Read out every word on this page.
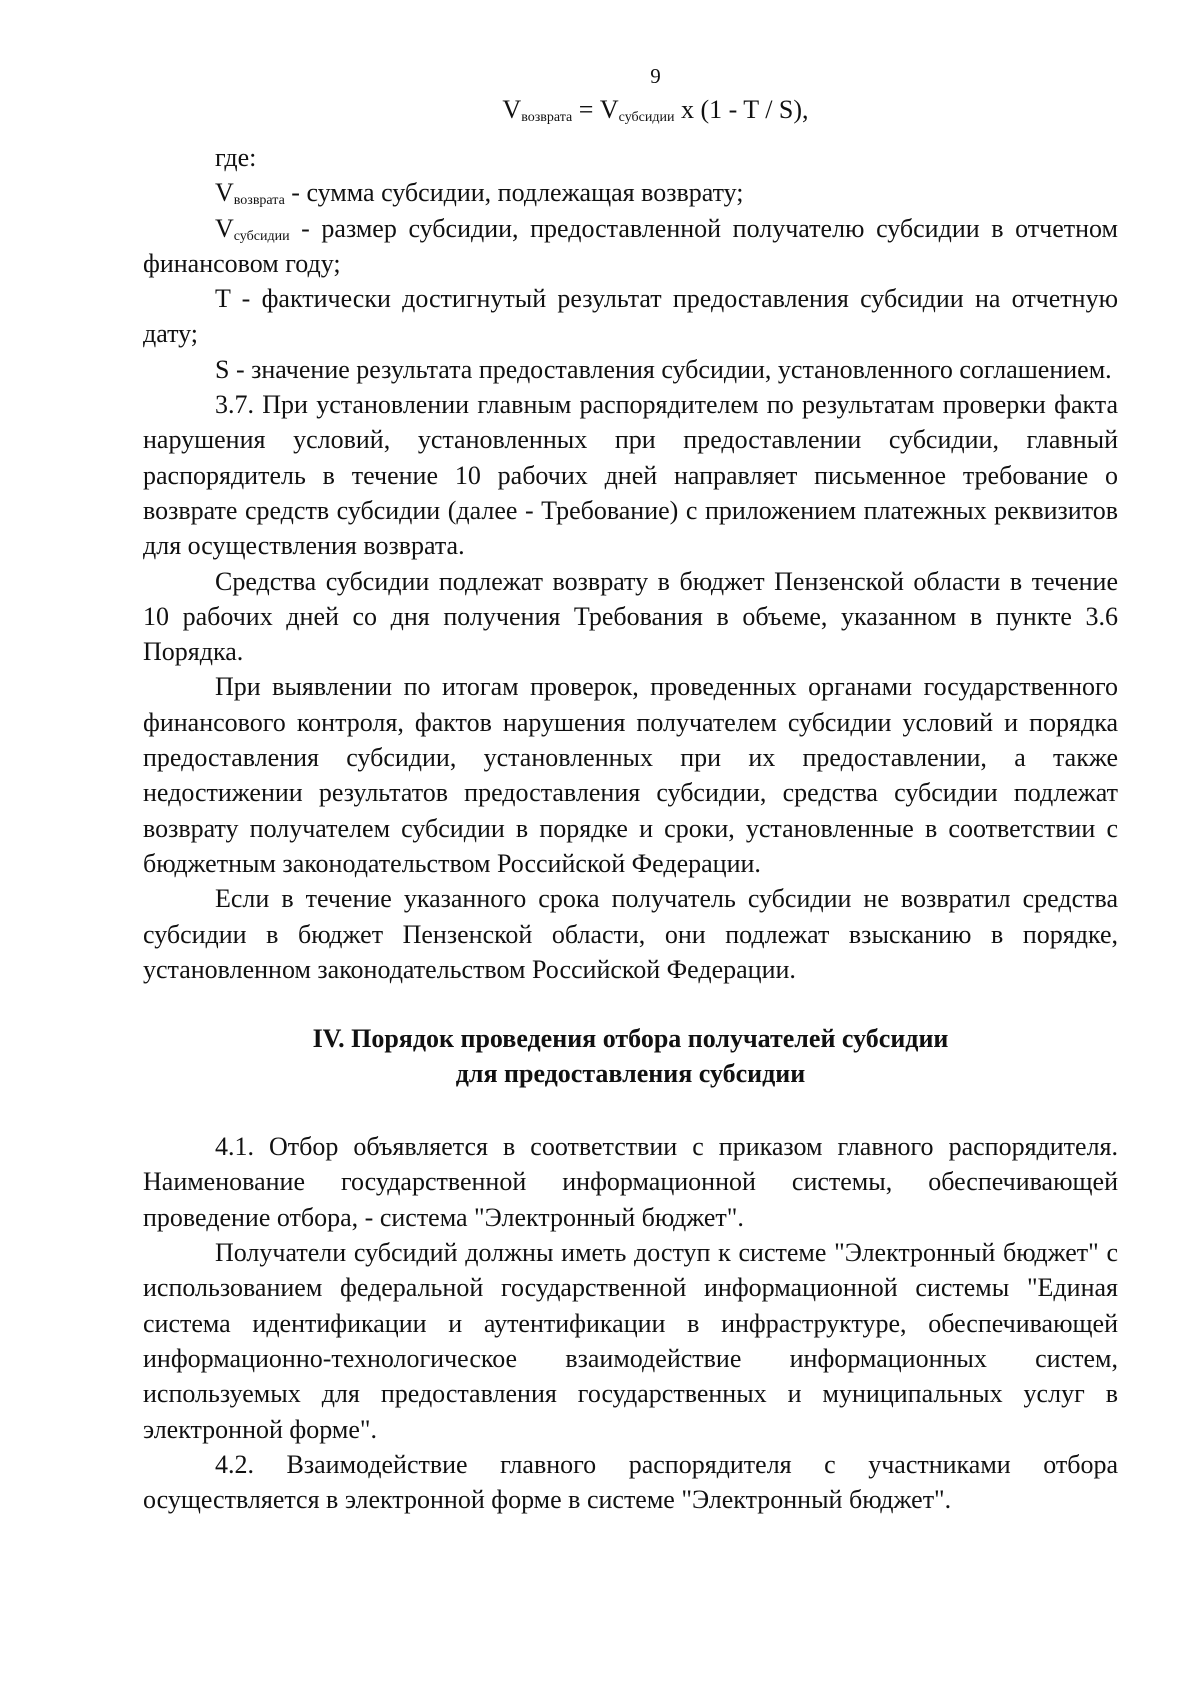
9
$V_{возврата} = V_{субсидии}$ x (1 - T / S),

где:

$V_{возврата}$ - сумма субсидии, подлежащая возврату;

$V_{субсидии}$ - размер субсидии, предоставленной получателю субсидии в отчетном финансовом году;

T - фактически достигнутый результат предоставления субсидии на отчетную дату;

S - значение результата предоставления субсидии, установленного соглашением.

3.7. При установлении главным распорядителем по результатам проверки факта нарушения условий, установленных при предоставлении субсидии, главный распорядитель в течение 10 рабочих дней направляет письменное требование о возврате средств субсидии (далее - Требование) с приложением платежных реквизитов для осуществления возврата.

Средства субсидии подлежат возврату в бюджет Пензенской области в течение 10 рабочих дней со дня получения Требования в объеме, указанном в пункте 3.6 Порядка.

При выявлении по итогам проверок, проведенных органами государственного финансового контроля, фактов нарушения получателем субсидии условий и порядка предоставления субсидии, установленных при их предоставлении, а также недостижении результатов предоставления субсидии, средства субсидии подлежат возврату получателем субсидии в порядке и сроки, установленные в соответствии с бюджетным законодательством Российской Федерации.

Если в течение указанного срока получатель субсидии не возвратил средства субсидии в бюджет Пензенской области, они подлежат взысканию в порядке, установленном законодательством Российской Федерации.

IV. Порядок проведения отбора получателей субсидии
для предоставления субсидии

4.1. Отбор объявляется в соответствии с приказом главного распорядителя. Наименование государственной информационной системы, обеспечивающей проведение отбора, - система "Электронный бюджет".

Получатели субсидий должны иметь доступ к системе "Электронный бюджет" с использованием федеральной государственной информационной системы "Единая система идентификации и аутентификации в инфраструктуре, обеспечивающей информационно-технологическое взаимодействие информационных систем, используемых для предоставления государственных и муниципальных услуг в электронной форме".

4.2. Взаимодействие главного распорядителя с участниками отбора осуществляется в электронной форме в системе "Электронный бюджет".
